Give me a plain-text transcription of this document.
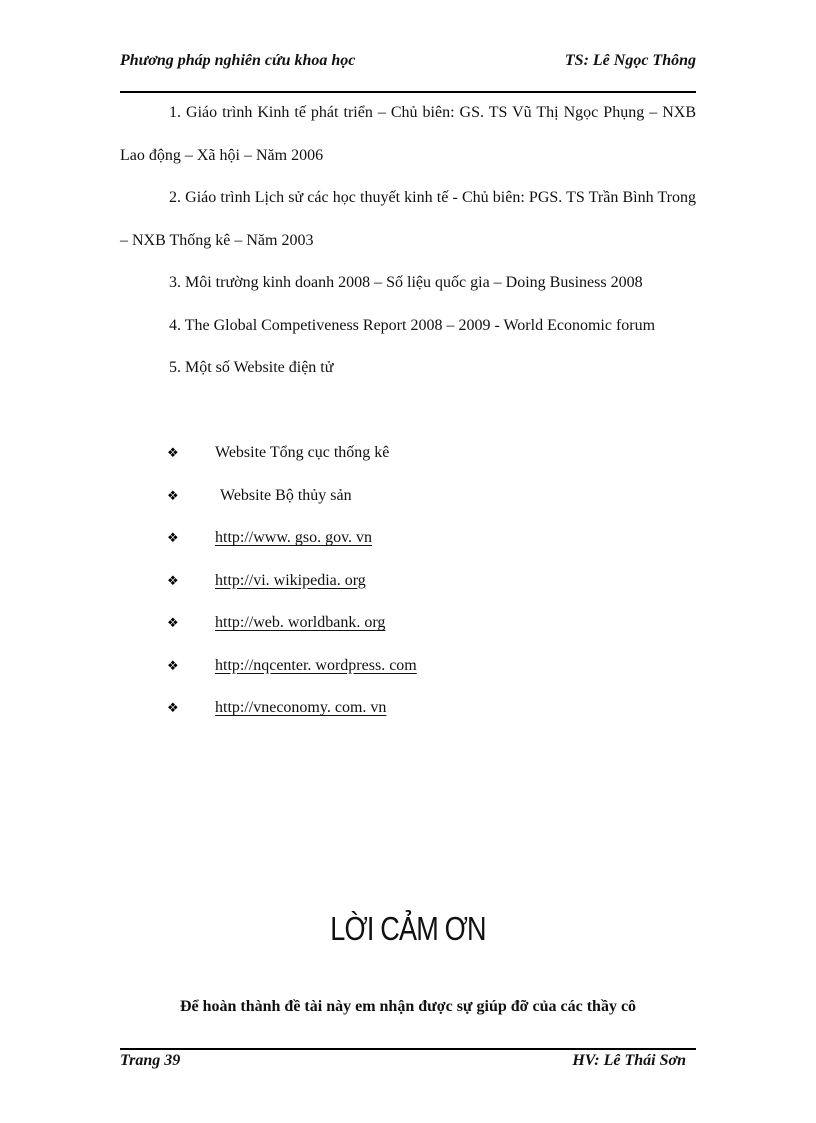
Phương pháp nghiên cứu khoa học	TS: Lê Ngọc Thông

1. Giáo trình Kinh tế phát triển – Chủ biên: GS. TS Vũ Thị Ngọc Phụng – NXB Lao động – Xã hội – Năm 2006

2. Giáo trình Lịch sử các học thuyết kinh tế - Chủ biên: PGS. TS Trần Bình Trong – NXB Thống kê – Năm 2003

3. Môi trường kinh doanh 2008 – Số liệu quốc gia – Doing Business 2008

4. The Global Competiveness Report 2008 – 2009 - World Economic forum

5. Một số Website điện tử

❖ Website Tổng cục thống kê
❖	Website Bộ thủy sản
❖ http://www. gso. gov. vn
❖ http://vi. wikipedia. org
❖ http://web. worldbank. org
❖ http://nqcenter. wordpress. com
❖ http://vneconomy. com. vn
LỜI CẢM ƠN
Để hoàn thành đề tài này em nhận được sự giúp đỡ của các thầy cô
Trang 39	HV: Lê Thái Sơn
